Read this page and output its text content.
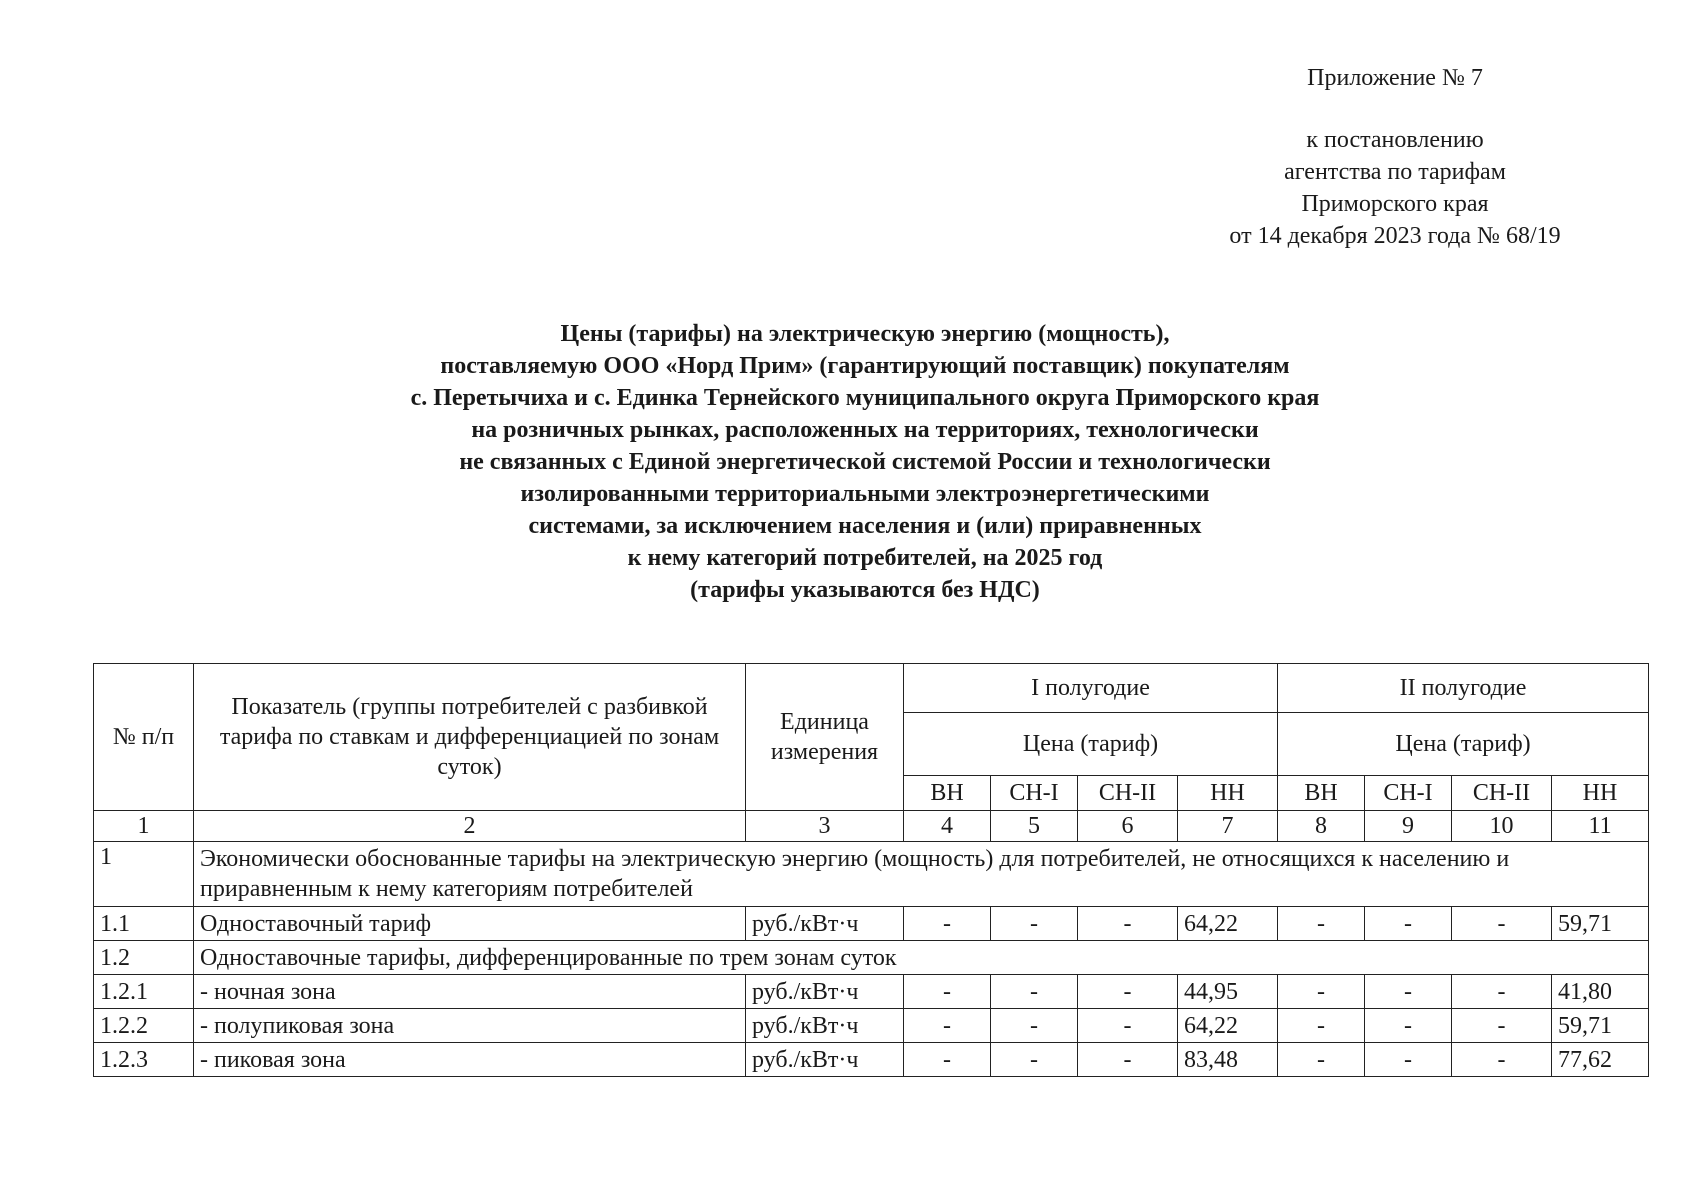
Приложение № 7
к постановлению
агентства по тарифам
Приморского края
от 14 декабря 2023 года № 68/19
Цены (тарифы) на электрическую энергию (мощность),
поставляемую ООО «Норд Прим» (гарантирующий поставщик) покупателям
с. Перетычиха и с. Единка Тернейского муниципального округа Приморского края
на розничных рынках, расположенных на территориях, технологически
не связанных с Единой энергетической системой России и технологически
изолированными территориальными электроэнергетическими
системами, за исключением населения и (или) приравненных
к нему категорий потребителей, на 2025 год
(тарифы указываются без НДС)
№ п/п	Показатель (группы потребителей с разбивкой тарифа по ставкам и дифференциацией по зонам суток)	Единица измерения	I полугодие				II полугодие			
			Цена (тариф)				Цена (тариф)			
			ВН	СН-I	СН-II	НН	ВН	СН-I	СН-II	НН
1	2	3	4	5	6	7	8	9	10	11
1	Экономически обоснованные тарифы на электрическую энергию (мощность) для потребителей, не относящихся к населению и приравненным к нему категориям потребителей									
1.1	Одноставочный тариф	руб./кВт·ч	-	-	-	64,22	-	-	-	59,71
1.2	Одноставочные тарифы, дифференцированные по трем зонам суток									
1.2.1	- ночная зона	руб./кВт·ч	-	-	-	44,95	-	-	-	41,80
1.2.2	- полупиковая зона	руб./кВт·ч	-	-	-	64,22	-	-	-	59,71
1.2.3	- пиковая зона	руб./кВт·ч	-	-	-	83,48	-	-	-	77,62
